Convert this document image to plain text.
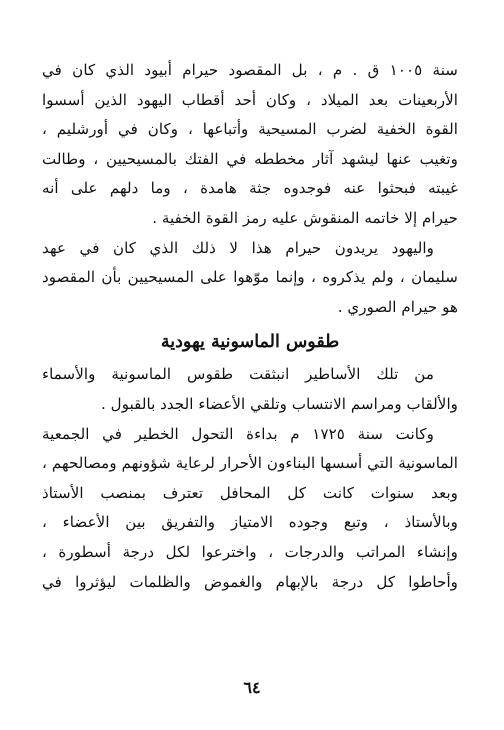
سنة ١٠٠٥ ق . م ، بل المقصود حيرام أبيود الذي كان في
الأربعينات بعد الميلاد ، وكان أحد أقطاب اليهود الذين أسسوا
القوة الخفية لضرب المسيحية وأتباعها ، وكان في أورشليم ،
وتغيب عنها ليشهد آثار مخططه في الفتك بالمسيحيين ، وطالت
غيبته فبحثوا عنه فوجدوه جثة هامدة ، وما دلهم على أنه
حيرام إلا خاتمه المنقوش عليه رمز القوة الخفية .
واليهود يريدون حيرام هذا لا ذلك الذي كان في عهد
سليمان ، ولم يذكروه ، وإنما موّهوا على المسيحيين بأن المقصود
هو حيرام الصوري .
طقوس الماسونية يهودية
من تلك الأساطير انبثقت طقوس الماسونية والأسماء
والألقاب ومراسم الانتساب وتلقي الأعضاء الجدد بالقبول .
وكانت سنة ١٧٢٥ م بداءة التحول الخطير في الجمعية
الماسونية التي أسسها البناءون الأحرار لرعاية شؤونهم ومصالحهم ،
وبعد سنوات كانت كل المحافل تعترف بمنصب الأستاذ
وبالأستاذ ، وتبع وجوده الامتياز والتفريق بين الأعضاء ،
وإنشاء المراتب والدرجات ، واخترعوا لكل درجة أسطورة ،
وأحاطوا كل درجة بالإبهام والغموض والظلمات ليؤثروا في
٦٤
